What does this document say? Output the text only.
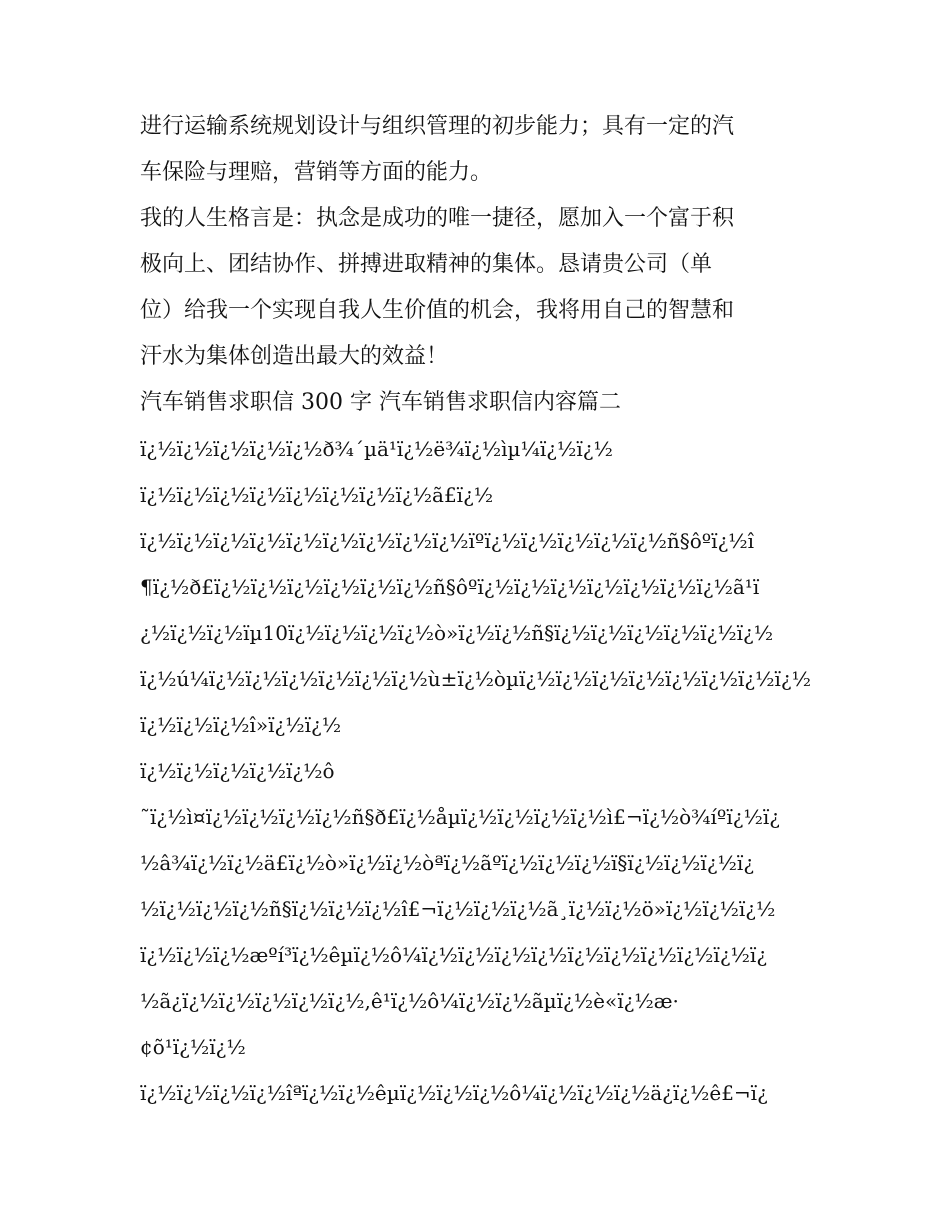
进行运输系统规划设计与组织管理的初步能力；具有一定的汽
车保险与理赔，营销等方面的能力。
我的人生格言是：执念是成功的唯一捷径，愿加入一个富于积
极向上、团结协作、拼搏进取精神的集体。恳请贵公司（单
位）给我一个实现自我人生价值的机会，我将用自己的智慧和
汗水为集体创造出最大的效益！
汽车销售求职信 300 字 汽车销售求职信内容篇二
ï¿½ï¿½ï¿½ï¿½ï¿½ð¾´µä¹ï¿½ë¾ï¿½ìµ¼ï¿½ï¿½
ï¿½ï¿½ï¿½ï¿½ï¿½ï¿½ï¿½ï¿½ã£ï¿½
ï¿½ï¿½ï¿½ï¿½ï¿½ï¿½ï¿½ï¿½ï¿½ïºï¿½ï¿½ï¿½ï¿½ï¿½ñ§ôºï¿½î
¶ï¿½ð£ï¿½ï¿½ï¿½ï¿½ï¿½ï¿½ñ§ôºï¿½ï¿½ï¿½ï¿½ï¿½ï¿½ï¿½ã¹ï
¿½ï¿½ï¿½ïµ10ï¿½ï¿½ï¿½ï¿½ò»ï¿½ï¿½ñ§ï¿½ï¿½ï¿½ï¿½ï¿½ï¿½
ï¿½ú¼ï¿½ï¿½ï¿½ï¿½ï¿½ï¿½ù±ï¿½òµï¿½ï¿½ï¿½ï¿½ï¿½ï¿½ï¿½ï¿½
ï¿½ï¿½ï¿½î»ï¿½ï¿½
ï¿½ï¿½ï¿½ï¿½ï¿½ô
˜ï¿½ì¤ï¿½ï¿½ï¿½ï¿½ñ§ð£ï¿½åµï¿½ï¿½ï¿½ï¿½ì£¬ï¿½ò¾íºï¿½ï¿
½â¾ï¿½ï¿½ä£ï¿½ò»ï¿½ï¿½òªï¿½ãºï¿½ï¿½ï¿½ï§ï¿½ï¿½ï¿½ï¿
½ï¿½ï¿½ï¿½ñ§ï¿½ï¿½ï¿½î£¬ï¿½ï¿½ï¿½ã¸ï¿½ï¿½ö»ï¿½ï¿½ï¿½
ï¿½ï¿½ï¿½æºí³ï¿½êµï¿½ô¼ï¿½ï¿½ï¿½ï¿½ï¿½ï¿½ï¿½ï¿½ï¿½ï¿
½ã¿ï¿½ï¿½ï¿½ï¿½ï¿½,ê¹ï¿½ô¼ï¿½ï¿½ãµï¿½è«ï¿½æ·
¢õ¹ï¿½ï¿½
ï¿½ï¿½ï¿½ï¿½îªï¿½ï¿½êµï¿½ï¿½ï¿½ô¼ï¿½ï¿½ï¿½ä¿ï¿½ê£¬ï¿
